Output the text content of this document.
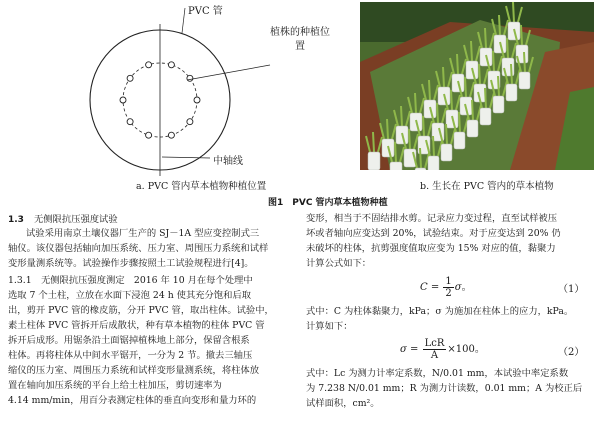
PVC 管
植株的种植位置
中轴线
a. PVC 管内草本植物种植位置	b. 生长在 PVC 管内的草本植物
图1　PVC 管内草本植物种植
1.3 无侧限抗压强度试验
试验采用南京土壤仪器厂生产的 SJ－1A 型应变控制式三
轴仪。该仪器包括轴向加压系统、压力室、周围压力系统和试样
变形量测系统等。试验操作步骤按照土工试验规程进行[4]。
1.3.1　无侧限抗压强度测定　2016 年 10 月在每个处理中
选取 7 个土柱，立放在水面下浸泡 24 h 使其充分饱和后取
出，剪开 PVC 管的橡皮筋，分开 PVC 管，取出柱体。试验中，
素土柱体 PVC 管拆开后成散状，种有草本植物的柱体 PVC 管
拆开后成形。用锯条沿土面锯掉植株地上部分，保留含根系
柱体。再将柱体从中间水平锯开，一分为 2 节。撤去三轴压
缩仪的压力室、周围压力系统和试样变形量测系统，将柱体放
置在轴向加压系统的平台上给土柱加压，剪切速率为
4.14 mm/min，用百分表测定柱体的垂直向变形和量力环的
变形，相当于不固结排水剪。记录应力变过程，直至试样被压
坏或者轴向应变达到 20%，试验结束。对于应变达到 20% 仍
未破坏的柱体，抗剪强度值取应变为 15% 对应的值，黏聚力
计算公式如下：
$C = \frac{1}{2}$ σ。	（1）
式中：C 为柱体黏聚力，kPa；σ 为施加在柱体上的应力，kPa。
计算如下：
$\sigma = \frac{\text{LcR}}{A} \times 100$。	（2）
式中：Lc 为测力计率定系数，N/0.01 mm，本试验中率定系数
为 7.238 N/0.01 mm；R 为测力计读数，0.01 mm；A 为校正后
试样面积，cm²。
